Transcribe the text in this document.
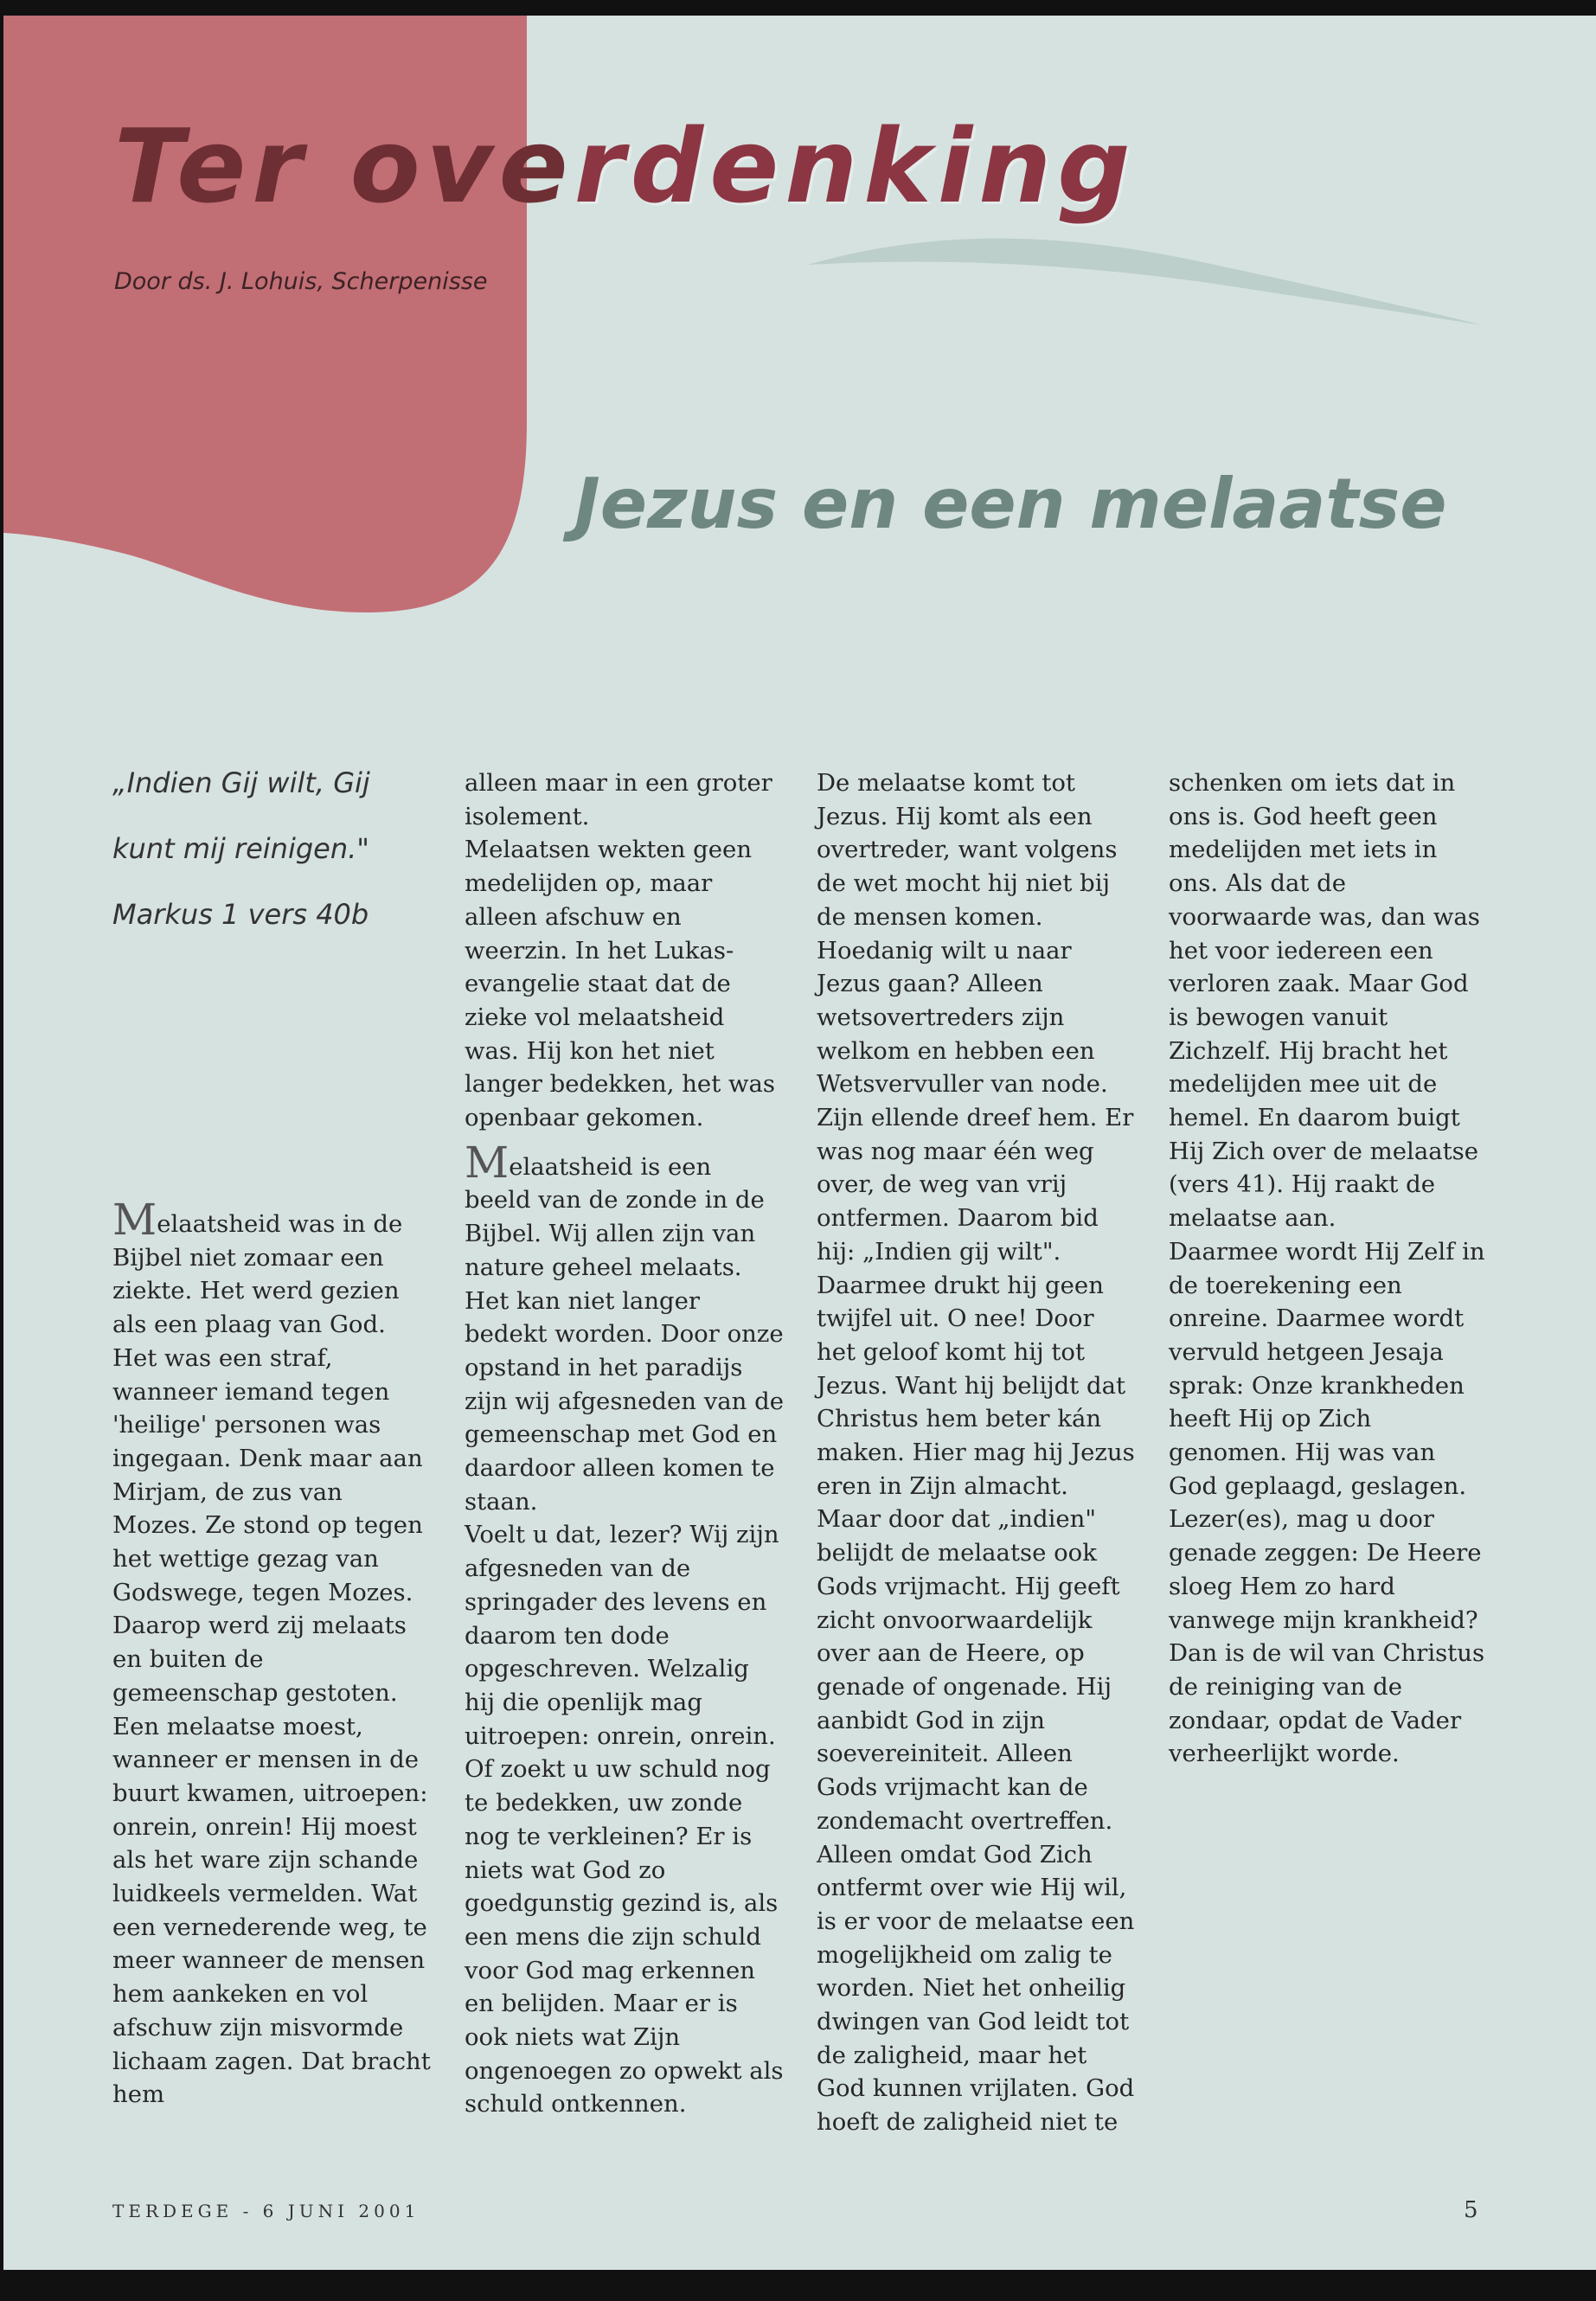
Ter overdenking
Door ds. J. Lohuis, Scherpenisse
Jezus en een melaatse
„Indien Gij wilt, Gij
kunt mij reinigen."
Markus 1 vers 40b

Melaatsheid was in de Bijbel niet zomaar een ziekte. Het werd gezien als een plaag van God. Het was een straf, wanneer iemand tegen 'heilige' personen was ingegaan. Denk maar aan Mirjam, de zus van Mozes. Ze stond op tegen het wettige gezag van Godswege, tegen Mozes. Daarop werd zij melaats en buiten de gemeenschap gestoten.

Een melaatse moest, wanneer er mensen in de buurt kwamen, uitroepen: onrein, onrein! Hij moest als het ware zijn schande luidkeels vermelden. Wat een vernederende weg, te meer wanneer de mensen hem aankeken en vol afschuw zijn misvormde lichaam zagen. Dat bracht hem

alleen maar in een groter isolement.

Melaatsen wekten geen medelijden op, maar alleen afschuw en weerzin. In het Lukas-evangelie staat dat de zieke vol melaatsheid was. Hij kon het niet langer bedekken, het was openbaar gekomen.

Melaatsheid is een beeld van de zonde in de Bijbel. Wij allen zijn van nature geheel melaats. Het kan niet langer bedekt worden. Door onze opstand in het paradijs zijn wij afgesneden van de gemeenschap met God en daardoor alleen komen te staan.

Voelt u dat, lezer? Wij zijn afgesneden van de springader des levens en daarom ten dode opgeschreven. Welzalig hij die openlijk mag uitroepen: onrein, onrein. Of zoekt u uw schuld nog te bedekken, uw zonde nog te verkleinen? Er is niets wat God zo goedgunstig gezind is, als een mens die zijn schuld voor God mag erkennen en belijden. Maar er is ook niets wat Zijn ongenoegen zo opwekt als schuld ontkennen.

De melaatse komt tot Jezus. Hij komt als een overtreder, want volgens de wet mocht hij niet bij de mensen komen. Hoedanig wilt u naar Jezus gaan? Alleen wetsovertreders zijn welkom en hebben een Wetsvervuller van node. Zijn ellende dreef hem. Er was nog maar één weg over, de weg van vrij ontfermen. Daarom bid hij: „Indien gij wilt". Daarmee drukt hij geen twijfel uit. O nee! Door het geloof komt hij tot Jezus. Want hij belijdt dat Christus hem beter kán maken. Hier mag hij Jezus eren in Zijn almacht. Maar door dat „indien" belijdt de melaatse ook Gods vrijmacht. Hij geeft zicht onvoorwaardelijk over aan de Heere, op genade of ongenade. Hij aanbidt God in zijn soevereiniteit. Alleen Gods vrijmacht kan de zondemacht overtreffen. Alleen omdat God Zich ontfermt over wie Hij wil, is er voor de melaatse een mogelijkheid om zalig te worden. Niet het onheilig dwingen van God leidt tot de zaligheid, maar het God kunnen vrijlaten. God hoeft de zaligheid niet te

schenken om iets dat in ons is. God heeft geen medelijden met iets in ons. Als dat de voorwaarde was, dan was het voor iedereen een verloren zaak. Maar God is bewogen vanuit Zichzelf. Hij bracht het medelijden mee uit de hemel. En daarom buigt Hij Zich over de melaatse (vers 41). Hij raakt de melaatse aan.

Daarmee wordt Hij Zelf in de toerekening een onreine. Daarmee wordt vervuld hetgeen Jesaja sprak: Onze krankheden heeft Hij op Zich genomen. Hij was van God geplaagd, geslagen.

Lezer(es), mag u door genade zeggen: De Heere sloeg Hem zo hard vanwege mijn krankheid? Dan is de wil van Christus de reiniging van de zondaar, opdat de Vader verheerlijkt worde.

TERDEGE - 6 JUNI 2001	5
